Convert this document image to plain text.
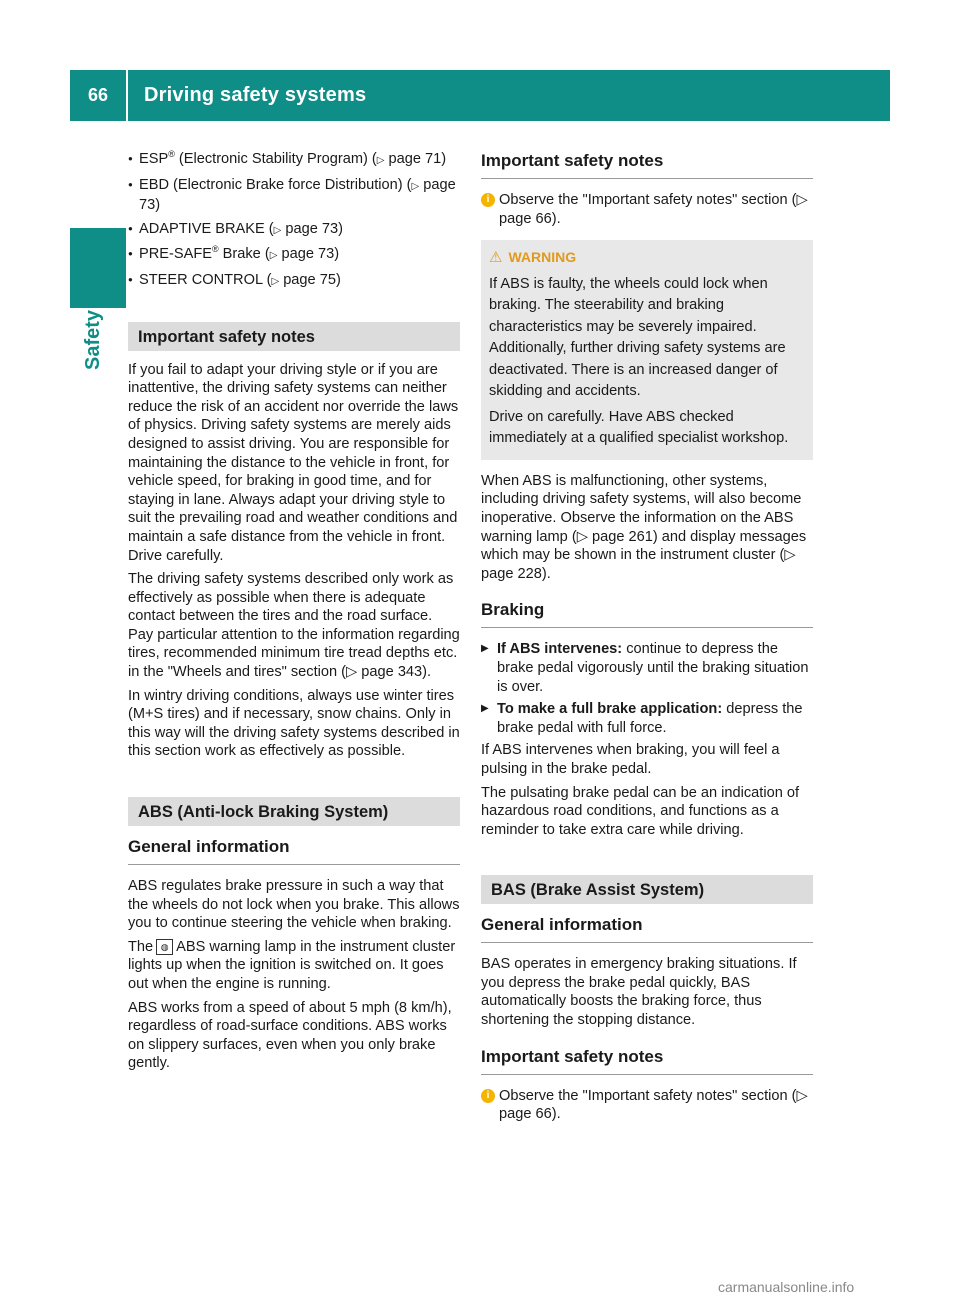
66	Driving safety systems
Safety
● ESP® (Electronic Stability Program) (▷ page 71)
● EBD (Electronic Brake force Distribution) (▷ page 73)
● ADAPTIVE BRAKE (▷ page 73)
● PRE-SAFE® Brake (▷ page 73)
● STEER CONTROL (▷ page 75)
Important safety notes

If you fail to adapt your driving style or if you are inattentive, the driving safety systems can neither reduce the risk of an accident nor override the laws of physics. Driving safety systems are merely aids designed to assist driving. You are responsible for maintaining the distance to the vehicle in front, for vehicle speed, for braking in good time, and for staying in lane. Always adapt your driving style to suit the prevailing road and weather conditions and maintain a safe distance from the vehicle in front. Drive carefully.

The driving safety systems described only work as effectively as possible when there is adequate contact between the tires and the road surface. Pay particular attention to the information regarding tires, recommended minimum tire tread depths etc. in the "Wheels and tires" section (▷ page 343).

In wintry driving conditions, always use winter tires (M+S tires) and if necessary, snow chains. Only in this way will the driving safety systems described in this section work as effectively as possible.

ABS (Anti-lock Braking System)
General information

ABS regulates brake pressure in such a way that the wheels do not lock when you brake. This allows you to continue steering the vehicle when braking.

The ◍ ABS warning lamp in the instrument cluster lights up when the ignition is switched on. It goes out when the engine is running.

ABS works from a speed of about 5 mph (8 km/h), regardless of road-surface conditions. ABS works on slippery surfaces, even when you only brake gently.

Important safety notes
i Observe the "Important safety notes" section (▷ page 66).
⚠ WARNING

If ABS is faulty, the wheels could lock when braking. The steerability and braking characteristics may be severely impaired. Additionally, further driving safety systems are deactivated. There is an increased danger of skidding and accidents.

Drive on carefully. Have ABS checked immediately at a qualified specialist workshop.

When ABS is malfunctioning, other systems, including driving safety systems, will also become inoperative. Observe the information on the ABS warning lamp (▷ page 261) and display messages which may be shown in the instrument cluster (▷ page 228).

Braking
▶ If ABS intervenes: continue to depress the brake pedal vigorously until the braking situation is over.
▶ To make a full brake application: depress the brake pedal with full force.

If ABS intervenes when braking, you will feel a pulsing in the brake pedal.

The pulsating brake pedal can be an indication of hazardous road conditions, and functions as a reminder to take extra care while driving.

BAS (Brake Assist System)
General information

BAS operates in emergency braking situations. If you depress the brake pedal quickly, BAS automatically boosts the braking force, thus shortening the stopping distance.

Important safety notes
i Observe the "Important safety notes" section (▷ page 66).
carmanualsonline.info
